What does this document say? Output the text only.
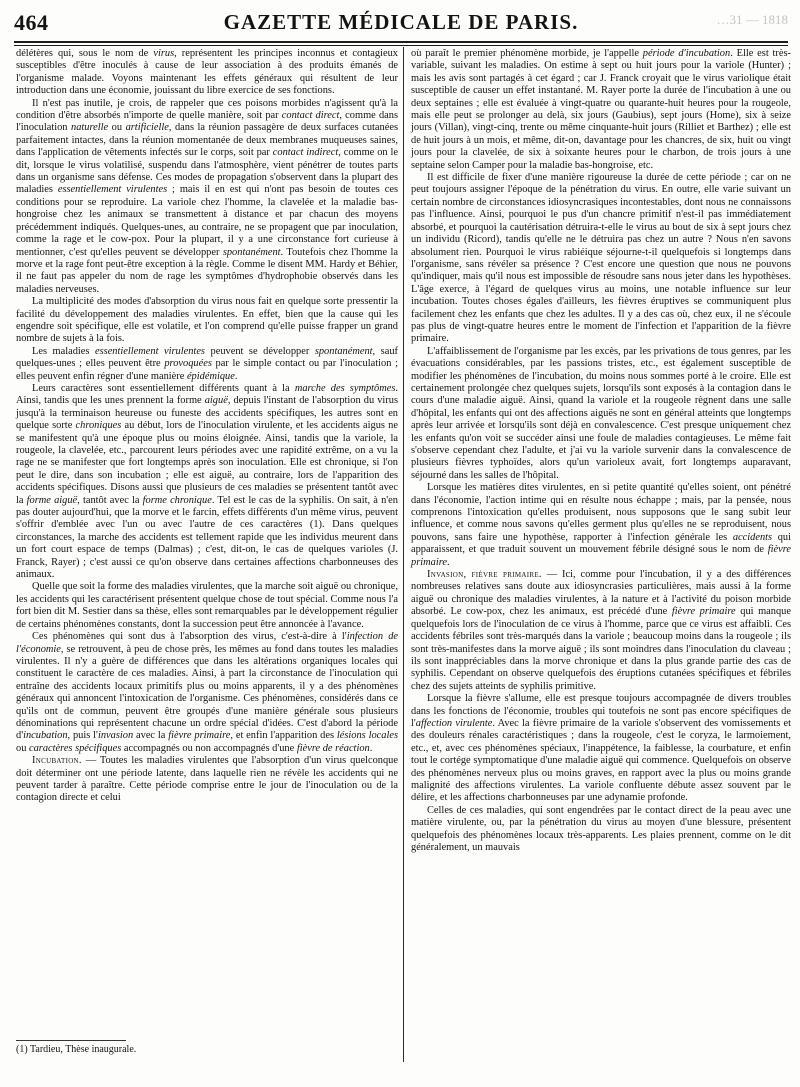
464	GAZETTE MÉDICALE DE PARIS.	…31 — 1818

délétères qui, sous le nom de virus, représentent les principes inconnus et contagieux susceptibles d'être inoculés à cause de leur association à des produits émanés de l'organisme malade. Voyons maintenant les effets généraux qui résultent de leur introduction dans une économie, jouissant du libre exercice de ses fonctions.

Il n'est pas inutile, je crois, de rappeler que ces poisons morbides n'agissent qu'à la condition d'être absorbés n'importe de quelle manière, soit par contact direct, comme dans l'inoculation naturelle ou artificielle, dans la réunion passagère de deux surfaces cutanées parfaitement intactes, dans la réunion momentanée de deux membranes muqueuses saines, dans l'application de vêtements infectés sur le corps, soit par contact indirect, comme on le dit, lorsque le virus volatilisé, suspendu dans l'atmosphère, vient pénétrer de toutes parts dans un organisme sans défense. Ces modes de propagation s'observent dans la plupart des maladies essentiellement virulentes ; mais il en est qui n'ont pas besoin de toutes ces conditions pour se reproduire. La variole chez l'homme, la clavelée et la maladie bas-hongroise chez les animaux se transmettent à distance et par chacun des moyens précédemment indiqués. Quelques-unes, au contraire, ne se propagent que par inoculation, comme la rage et le cow-pox. Pour la plupart, il y a une circonstance fort curieuse à mentionner, c'est qu'elles peuvent se développer spontanément. Toutefois chez l'homme la morve et la rage font peut-être exception à la règle. Comme le disent MM. Hardy et Béhier, il ne faut pas appeler du nom de rage les symptômes d'hydrophobie observés dans les maladies nerveuses.

La multiplicité des modes d'absorption du virus nous fait en quelque sorte pressentir la facilité du développement des maladies virulentes. En effet, bien que la cause qui les engendre soit spécifique, elle est volatile, et l'on comprend qu'elle puisse frapper un grand nombre de sujets à la fois.

Les maladies essentiellement virulentes peuvent se développer spontanément, sauf quelques-unes ; elles peuvent être provoquées par le simple contact ou par l'inoculation ; elles peuvent enfin régner d'une manière épidémique.

Leurs caractères sont essentiellement différents quant à la marche des symptômes. Ainsi, tandis que les unes prennent la forme aiguë, depuis l'instant de l'absorption du virus jusqu'à la terminaison heureuse ou funeste des accidents spécifiques, les autres sont en quelque sorte chroniques au début, lors de l'inoculation virulente, et les accidents aigus ne se manifestent qu'à une époque plus ou moins éloignée. Ainsi, tandis que la variole, la rougeole, la clavelée, etc., parcourent leurs périodes avec une rapidité extrême, on a vu la rage ne se manifester que fort longtemps après son inoculation. Elle est chronique, si l'on peut le dire, dans son incubation ; elle est aiguë, au contraire, lors de l'apparition des accidents spécifiques. Disons aussi que plusieurs de ces maladies se présentent tantôt avec la forme aiguë, tantôt avec la forme chronique. Tel est le cas de la syphilis. On sait, à n'en pas douter aujourd'hui, que la morve et le farcin, effets différents d'un même virus, peuvent s'offrir d'emblée avec l'un ou avec l'autre de ces caractères (1). Dans quelques circonstances, la marche des accidents est tellement rapide que les individus meurent dans un fort court espace de temps (Dalmas) ; c'est, dit-on, le cas de quelques varioles (J. Franck, Rayer) ; c'est aussi ce qu'on observe dans certaines affections charbonneuses des animaux.

Quelle que soit la forme des maladies virulentes, que la marche soit aiguë ou chronique, les accidents qui les caractérisent présentent quelque chose de tout spécial. Comme nous l'a fort bien dit M. Sestier dans sa thèse, elles sont remarquables par le développement régulier de certains phénomènes constants, dont la succession peut être annoncée à l'avance.

Ces phénomènes qui sont dus à l'absorption des virus, c'est-à-dire à l'infection de l'économie, se retrouvent, à peu de chose près, les mêmes au fond dans toutes les maladies virulentes. Il n'y a guère de différences que dans les altérations organiques locales qui constituent le caractère de ces maladies. Ainsi, à part la circonstance de l'inoculation qui entraîne des accidents locaux primitifs plus ou moins apparents, il y a des phénomènes généraux qui annoncent l'intoxication de l'organisme. Ces phénomènes, considérés dans ce qu'ils ont de commun, peuvent être groupés d'une manière générale sous plusieurs dénominations qui représentent chacune un ordre spécial d'idées. C'est d'abord la période d'incubation, puis l'invasion avec la fièvre primaire, et enfin l'apparition des lésions locales ou caractères spécifiques accompagnés ou non accompagnés d'une fièvre de réaction.

Incubation. — Toutes les maladies virulentes que l'absorption d'un virus quelconque doit déterminer ont une période latente, dans laquelle rien ne révèle les accidents qui ne peuvent tarder à paraître. Cette période comprise entre le jour de l'inoculation ou de la contagion directe et celui

où paraît le premier phénomène morbide, je l'appelle période d'incubation. Elle est très-variable, suivant les maladies. On estime à sept ou huit jours pour la variole (Hunter) ; mais les avis sont partagés à cet égard ; car J. Franck croyait que le virus variolique était susceptible de causer un effet instantané. M. Rayer porte la durée de l'incubation à une ou deux septaines ; elle est évaluée à vingt-quatre ou quarante-huit heures pour la rougeole, mais elle peut se prolonger au delà, six jours (Gaubius), sept jours (Home), six à seize jours (Villan), vingt-cinq, trente ou même cinquante-huit jours (Rilliet et Barthez) ; elle est de huit jours à un mois, et même, dit-on, davantage pour les chancres, de six, huit ou vingt jours pour la clavelée, de six à soixante heures pour le charbon, de trois jours à une septaine selon Camper pour la maladie bas-hongroise, etc.

Il est difficile de fixer d'une manière rigoureuse la durée de cette période ; car on ne peut toujours assigner l'époque de la pénétration du virus. En outre, elle varie suivant un certain nombre de circonstances idiosyncrasiques incontestables, dont nous ne connaissons pas l'influence. Ainsi, pourquoi le pus d'un chancre primitif n'est-il pas immédiatement absorbé, et pourquoi la cautérisation détruira-t-elle le virus au bout de six à sept jours chez un individu (Ricord), tandis qu'elle ne le détruira pas chez un autre ? Nous n'en savons absolument rien. Pourquoi le virus rabiéique séjourne-t-il quelquefois si longtemps dans l'organisme, sans révéler sa présence ? C'est encore une question que nous ne pouvons qu'indiquer, mais qu'il nous est impossible de résoudre sans nous jeter dans les hypothèses. L'âge exerce, à l'égard de quelques virus au moins, une notable influence sur leur incubation. Toutes choses égales d'ailleurs, les fièvres éruptives se communiquent plus facilement chez les enfants que chez les adultes. Il y a des cas où, chez eux, il ne s'écoule pas plus de vingt-quatre heures entre le moment de l'infection et l'apparition de la fièvre primaire.

L'affaiblissement de l'organisme par les excès, par les privations de tous genres, par les évacuations considérables, par les passions tristes, etc., est également susceptible de modifier les phénomènes de l'incubation, du moins nous sommes porté à le croire. Elle est certainement prolongée chez quelques sujets, lorsqu'ils sont exposés à la contagion dans le cours d'une maladie aiguë. Ainsi, quand la variole et la rougeole règnent dans une salle d'hôpital, les enfants qui ont des affections aiguës ne sont en général atteints que longtemps après leur arrivée et lorsqu'ils sont déjà en convalescence. C'est presque uniquement chez les enfants qu'on voit se succéder ainsi une foule de maladies contagieuses. Le même fait s'observe cependant chez l'adulte, et j'ai vu la variole survenir dans la convalescence de plusieurs fièvres typhoïdes, alors qu'un varioleux avait, fort longtemps auparavant, séjourné dans les salles de l'hôpital.

Lorsque les matières dites virulentes, en si petite quantité qu'elles soient, ont pénétré dans l'économie, l'action intime qui en résulte nous échappe ; mais, par la pensée, nous comprenons l'intoxication qu'elles produisent, nous supposons que le sang subit leur influence, et comme nous savons qu'elles germent plus qu'elles ne se reproduisent, nous pouvons, sans faire une hypothèse, rapporter à l'infection générale les accidents qui apparaissent, et que traduit souvent un mouvement fébrile désigné sous le nom de fièvre primaire.

Invasion, fièvre primaire. — Ici, comme pour l'incubation, il y a des différences nombreuses relatives sans doute aux idiosyncrasies particulières, mais aussi à la forme aiguë ou chronique des maladies virulentes, à la nature et à l'activité du poison morbide absorbé. Le cow-pox, chez les animaux, est précédé d'une fièvre primaire qui manque quelquefois lors de l'inoculation de ce virus à l'homme, parce que ce virus est affaibli. Ces accidents fébriles sont très-marqués dans la variole ; beaucoup moins dans la rougeole ; ils sont très-manifestes dans la morve aiguë ; ils sont moindres dans l'inoculation du claveau ; ils sont inappréciables dans la morve chronique et dans la plus grande partie des cas de syphilis. Cependant on observe quelquefois des éruptions cutanées spécifiques et fébriles chez des sujets atteints de syphilis primitive.

Lorsque la fièvre s'allume, elle est presque toujours accompagnée de divers troubles dans les fonctions de l'économie, troubles qui toutefois ne sont pas encore spécifiques de l'affection virulente. Avec la fièvre primaire de la variole s'observent des vomissements et des douleurs rénales caractéristiques ; dans la rougeole, c'est le coryza, le larmoiement, etc., et, avec ces phénomènes spéciaux, l'inappétence, la faiblesse, la courbature, et enfin tout le cortége symptomatique d'une maladie aiguë qui commence. Quelquefois on observe des phénomènes nerveux plus ou moins graves, en rapport avec la plus ou moins grande malignité des affections virulentes. La variole confluente débute assez souvent par le délire, et les affections charbonneuses par une adynamie profonde.

Celles de ces maladies, qui sont engendrées par le contact direct de la peau avec une matière virulente, ou, par la pénétration du virus au moyen d'une blessure, présentent quelquefois des phénomènes locaux très-apparents. Les plaies prennent, comme on le dit généralement, un mauvais

(1) Tardieu, Thèse inaugurale.
